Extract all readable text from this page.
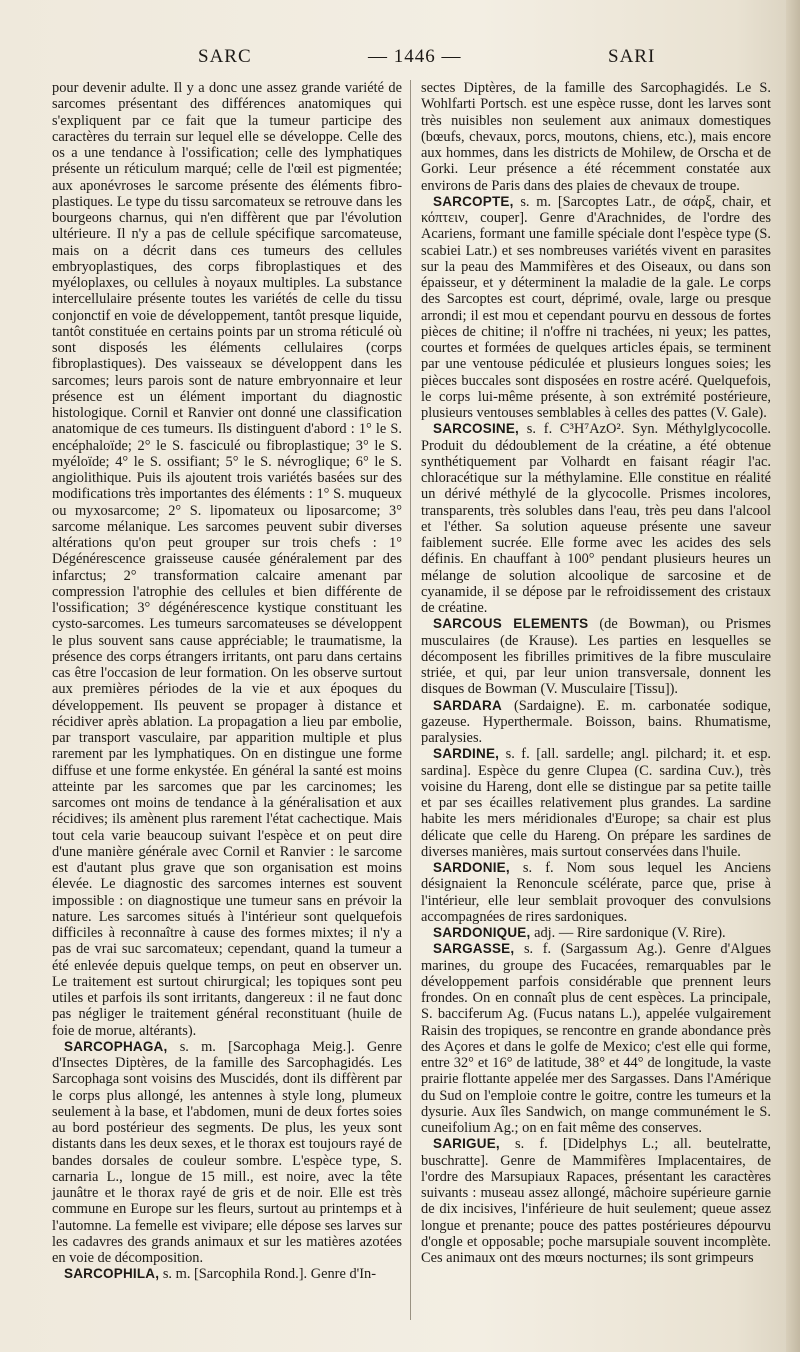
SARC	— 1446 —	SARI

pour devenir adulte. Il y a donc une assez grande variété de sarcomes présentant des différences anatomiques qui s'expliquent par ce fait que la tumeur participe des caractères du terrain sur lequel elle se développe. Celle des os a une tendance à l'ossification; celle des lymphatiques présente un réticulum marqué; celle de l'œil est pigmentée; aux aponévroses le sarcome présente des éléments fibro-plastiques. Le type du tissu sarcomateux se retrouve dans les bourgeons charnus, qui n'en diffèrent que par l'évolution ultérieure. Il n'y a pas de cellule spécifique sarcomateuse, mais on a décrit dans ces tumeurs des cellules embryoplastiques, des corps fibroplastiques et des myéloplaxes, ou cellules à noyaux multiples. La substance intercellulaire présente toutes les variétés de celle du tissu conjonctif en voie de développement, tantôt presque liquide, tantôt constituée en certains points par un stroma réticulé où sont disposés les éléments cellulaires (corps fibroplastiques). Des vaisseaux se développent dans les sarcomes; leurs parois sont de nature embryonnaire et leur présence est un élément important du diagnostic histologique. Cornil et Ranvier ont donné une classification anatomique de ces tumeurs. Ils distinguent d'abord : 1° le S. encéphaloïde; 2° le S. fasciculé ou fibroplastique; 3° le S. myéloïde; 4° le S. ossifiant; 5° le S. névroglique; 6° le S. angiolithique. Puis ils ajoutent trois variétés basées sur des modifications très importantes des éléments : 1° S. muqueux ou myxosarcome; 2° S. lipomateux ou liposarcome; 3° sarcome mélanique. Les sarcomes peuvent subir diverses altérations qu'on peut grouper sur trois chefs : 1° Dégénérescence graisseuse causée généralement par des infarctus; 2° transformation calcaire amenant par compression l'atrophie des cellules et bien différente de l'ossification; 3° dégénérescence kystique constituant les cysto-sarcomes. Les tumeurs sarcomateuses se développent le plus souvent sans cause appréciable; le traumatisme, la présence des corps étrangers irritants, ont paru dans certains cas être l'occasion de leur formation. On les observe surtout aux premières périodes de la vie et aux époques du développement. Ils peuvent se propager à distance et récidiver après ablation. La propagation a lieu par embolie, par transport vasculaire, par apparition multiple et plus rarement par les lymphatiques. On en distingue une forme diffuse et une forme enkystée. En général la santé est moins atteinte par les sarcomes que par les carcinomes; les sarcomes ont moins de tendance à la généralisation et aux récidives; ils amènent plus rarement l'état cachectique. Mais tout cela varie beaucoup suivant l'espèce et on peut dire d'une manière générale avec Cornil et Ranvier : le sarcome est d'autant plus grave que son organisation est moins élevée. Le diagnostic des sarcomes internes est souvent impossible : on diagnostique une tumeur sans en prévoir la nature. Les sarcomes situés à l'intérieur sont quelquefois difficiles à reconnaître à cause des formes mixtes; il n'y a pas de vrai suc sarcomateux; cependant, quand la tumeur a été enlevée depuis quelque temps, on peut en observer un. Le traitement est surtout chirurgical; les topiques sont peu utiles et parfois ils sont irritants, dangereux : il ne faut donc pas négliger le traitement général reconstituant (huile de foie de morue, altérants).

SARCOPHAGA, s. m. [Sarcophaga Meig.]. Genre d'Insectes Diptères, de la famille des Sarcophagidés. Les Sarcophaga sont voisins des Muscidés, dont ils diffèrent par le corps plus allongé, les antennes à style long, plumeux seulement à la base, et l'abdomen, muni de deux fortes soies au bord postérieur des segments. De plus, les yeux sont distants dans les deux sexes, et le thorax est toujours rayé de bandes dorsales de couleur sombre. L'espèce type, S. carnaria L., longue de 15 mill., est noire, avec la tête jaunâtre et le thorax rayé de gris et de noir. Elle est très commune en Europe sur les fleurs, surtout au printemps et à l'automne. La femelle est vivipare; elle dépose ses larves sur les cadavres des grands animaux et sur les matières azotées en voie de décomposition.

SARCOPHILA, s. m. [Sarcophila Rond.]. Genre d'In-

sectes Diptères, de la famille des Sarcophagidés. Le S. Wohlfarti Portsch. est une espèce russe, dont les larves sont très nuisibles non seulement aux animaux domestiques (bœufs, chevaux, porcs, moutons, chiens, etc.), mais encore aux hommes, dans les districts de Mohilew, de Orscha et de Gorki. Leur présence a été récemment constatée aux environs de Paris dans des plaies de chevaux de troupe.

SARCOPTE, s. m. [Sarcoptes Latr., de σάρξ, chair, et κόπτειν, couper]. Genre d'Arachnides, de l'ordre des Acariens, formant une famille spéciale dont l'espèce type (S. scabiei Latr.) et ses nombreuses variétés vivent en parasites sur la peau des Mammifères et des Oiseaux, ou dans son épaisseur, et y déterminent la maladie de la gale. Le corps des Sarcoptes est court, déprimé, ovale, large ou presque arrondi; il est mou et cependant pourvu en dessous de fortes pièces de chitine; il n'offre ni trachées, ni yeux; les pattes, courtes et formées de quelques articles épais, se terminent par une ventouse pédiculée et plusieurs longues soies; les pièces buccales sont disposées en rostre acéré. Quelquefois, le corps lui-même présente, à son extrémité postérieure, plusieurs ventouses semblables à celles des pattes (V. Gale).

SARCOSINE, s. f. C³H⁷AzO². Syn. Méthylglycocolle. Produit du dédoublement de la créatine, a été obtenue synthétiquement par Volhardt en faisant réagir l'ac. chloracétique sur la méthylamine. Elle constitue en réalité un dérivé méthylé de la glycocolle. Prismes incolores, transparents, très solubles dans l'eau, très peu dans l'alcool et l'éther. Sa solution aqueuse présente une saveur faiblement sucrée. Elle forme avec les acides des sels définis. En chauffant à 100° pendant plusieurs heures un mélange de solution alcoolique de sarcosine et de cyanamide, il se dépose par le refroidissement des cristaux de créatine.

SARCOUS ELEMENTS (de Bowman), ou Prismes musculaires (de Krause). Les parties en lesquelles se décomposent les fibrilles primitives de la fibre musculaire striée, et qui, par leur union transversale, donnent les disques de Bowman (V. Musculaire [Tissu]).

SARDARA (Sardaigne). E. m. carbonatée sodique, gazeuse. Hyperthermale. Boisson, bains. Rhumatisme, paralysies.

SARDINE, s. f. [all. sardelle; angl. pilchard; it. et esp. sardina]. Espèce du genre Clupea (C. sardina Cuv.), très voisine du Hareng, dont elle se distingue par sa petite taille et par ses écailles relativement plus grandes. La sardine habite les mers méridionales d'Europe; sa chair est plus délicate que celle du Hareng. On prépare les sardines de diverses manières, mais surtout conservées dans l'huile.

SARDONIE, s. f. Nom sous lequel les Anciens désignaient la Renoncule scélérate, parce que, prise à l'intérieur, elle leur semblait provoquer des convulsions accompagnées de rires sardoniques.

SARDONIQUE, adj. — Rire sardonique (V. Rire).

SARGASSE, s. f. (Sargassum Ag.). Genre d'Algues marines, du groupe des Fucacées, remarquables par le développement parfois considérable que prennent leurs frondes. On en connaît plus de cent espèces. La principale, S. bacciferum Ag. (Fucus natans L.), appelée vulgairement Raisin des tropiques, se rencontre en grande abondance près des Açores et dans le golfe de Mexico; c'est elle qui forme, entre 32° et 16° de latitude, 38° et 44° de longitude, la vaste prairie flottante appelée mer des Sargasses. Dans l'Amérique du Sud on l'emploie contre le goitre, contre les tumeurs et la dysurie. Aux îles Sandwich, on mange communément le S. cuneifolium Ag.; on en fait même des conserves.

SARIGUE, s. f. [Didelphys L.; all. beutelratte, buschratte]. Genre de Mammifères Implacentaires, de l'ordre des Marsupiaux Rapaces, présentant les caractères suivants : museau assez allongé, mâchoire supérieure garnie de dix incisives, l'inférieure de huit seulement; queue assez longue et prenante; pouce des pattes postérieures dépourvu d'ongle et opposable; poche marsupiale souvent incomplète. Ces animaux ont des mœurs nocturnes; ils sont grimpeurs
